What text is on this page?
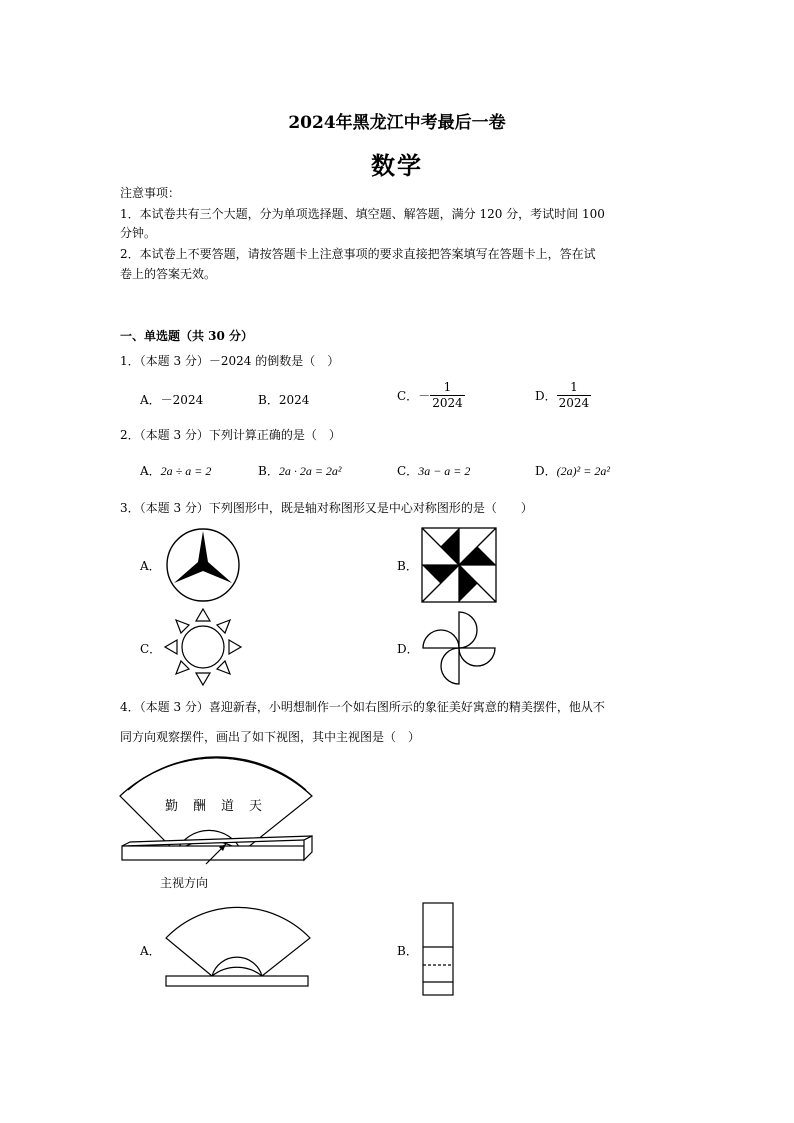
2024年黑龙江中考最后一卷
数学
注意事项：
1．本试卷共有三个大题，分为单项选择题、填空题、解答题，满分 120 分，考试时间 100
分钟。
2．本试卷上不要答题，请按答题卡上注意事项的要求直接把答案填写在答题卡上，答在试
卷上的答案无效。
一、单选题（共 30 分）
1．（本题 3 分）－2024 的倒数是（　）
A．－2024	B．2024	C．－ $\frac{1}{2024}$	D． $\frac{1}{2024}$
2．（本题 3 分）下列计算正确的是（　）
A．2a ÷ a = 2	B．2a · 2a = 2a²	C．3a − a = 2	D．(2a)² = 2a²
3．（本题 3 分）下列图形中，既是轴对称图形又是中心对称图形的是（　　）
A．	B．
C．	D．
4．（本题 3 分）喜迎新春，小明想制作一个如右图所示的象征美好寓意的精美摆件，他从不
同方向观察摆件，画出了如下视图，其中主视图是（　）
勤　酬　道　天
主视方向
A．	B．
